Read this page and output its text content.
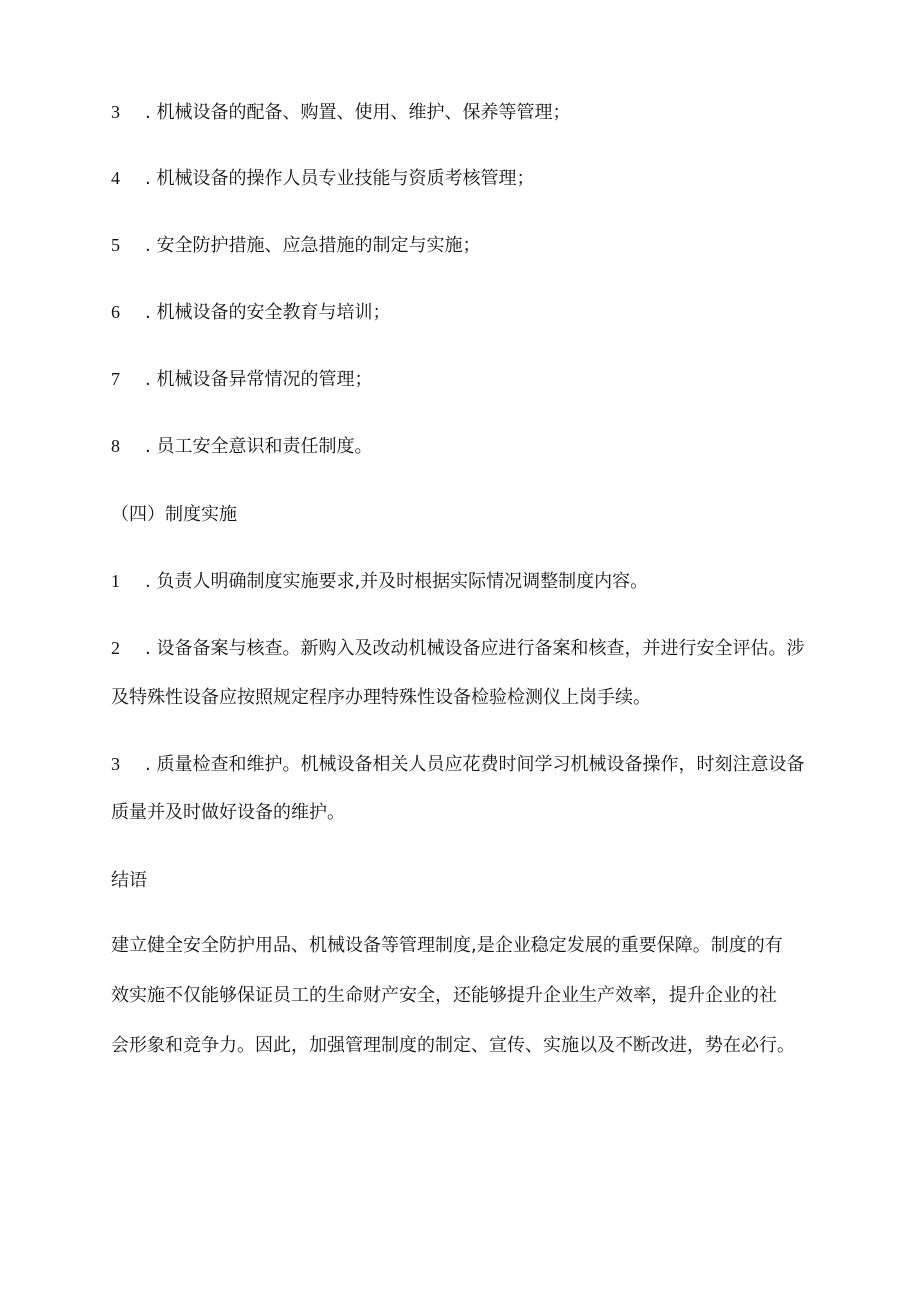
3 . 机械设备的配备、购置、使用、维护、保养等管理；
4 . 机械设备的操作人员专业技能与资质考核管理；
5 . 安全防护措施、应急措施的制定与实施；
6 . 机械设备的安全教育与培训；
7 . 机械设备异常情况的管理；
8 . 员工安全意识和责任制度。
（四）制度实施
1 . 负责人明确制度实施要求,并及时根据实际情况调整制度内容。
2 . 设备备案与核查。新购入及改动机械设备应进行备案和核查，并进行安全评估。涉
及特殊性设备应按照规定程序办理特殊性设备检验检测仪上岗手续。
3 . 质量检查和维护。机械设备相关人员应花费时间学习机械设备操作，时刻注意设备
质量并及时做好设备的维护。
结语
建立健全安全防护用品、机械设备等管理制度,是企业稳定发展的重要保障。制度的有
效实施不仅能够保证员工的生命财产安全，还能够提升企业生产效率，提升企业的社
会形象和竞争力。因此，加强管理制度的制定、宣传、实施以及不断改进，势在必行。
